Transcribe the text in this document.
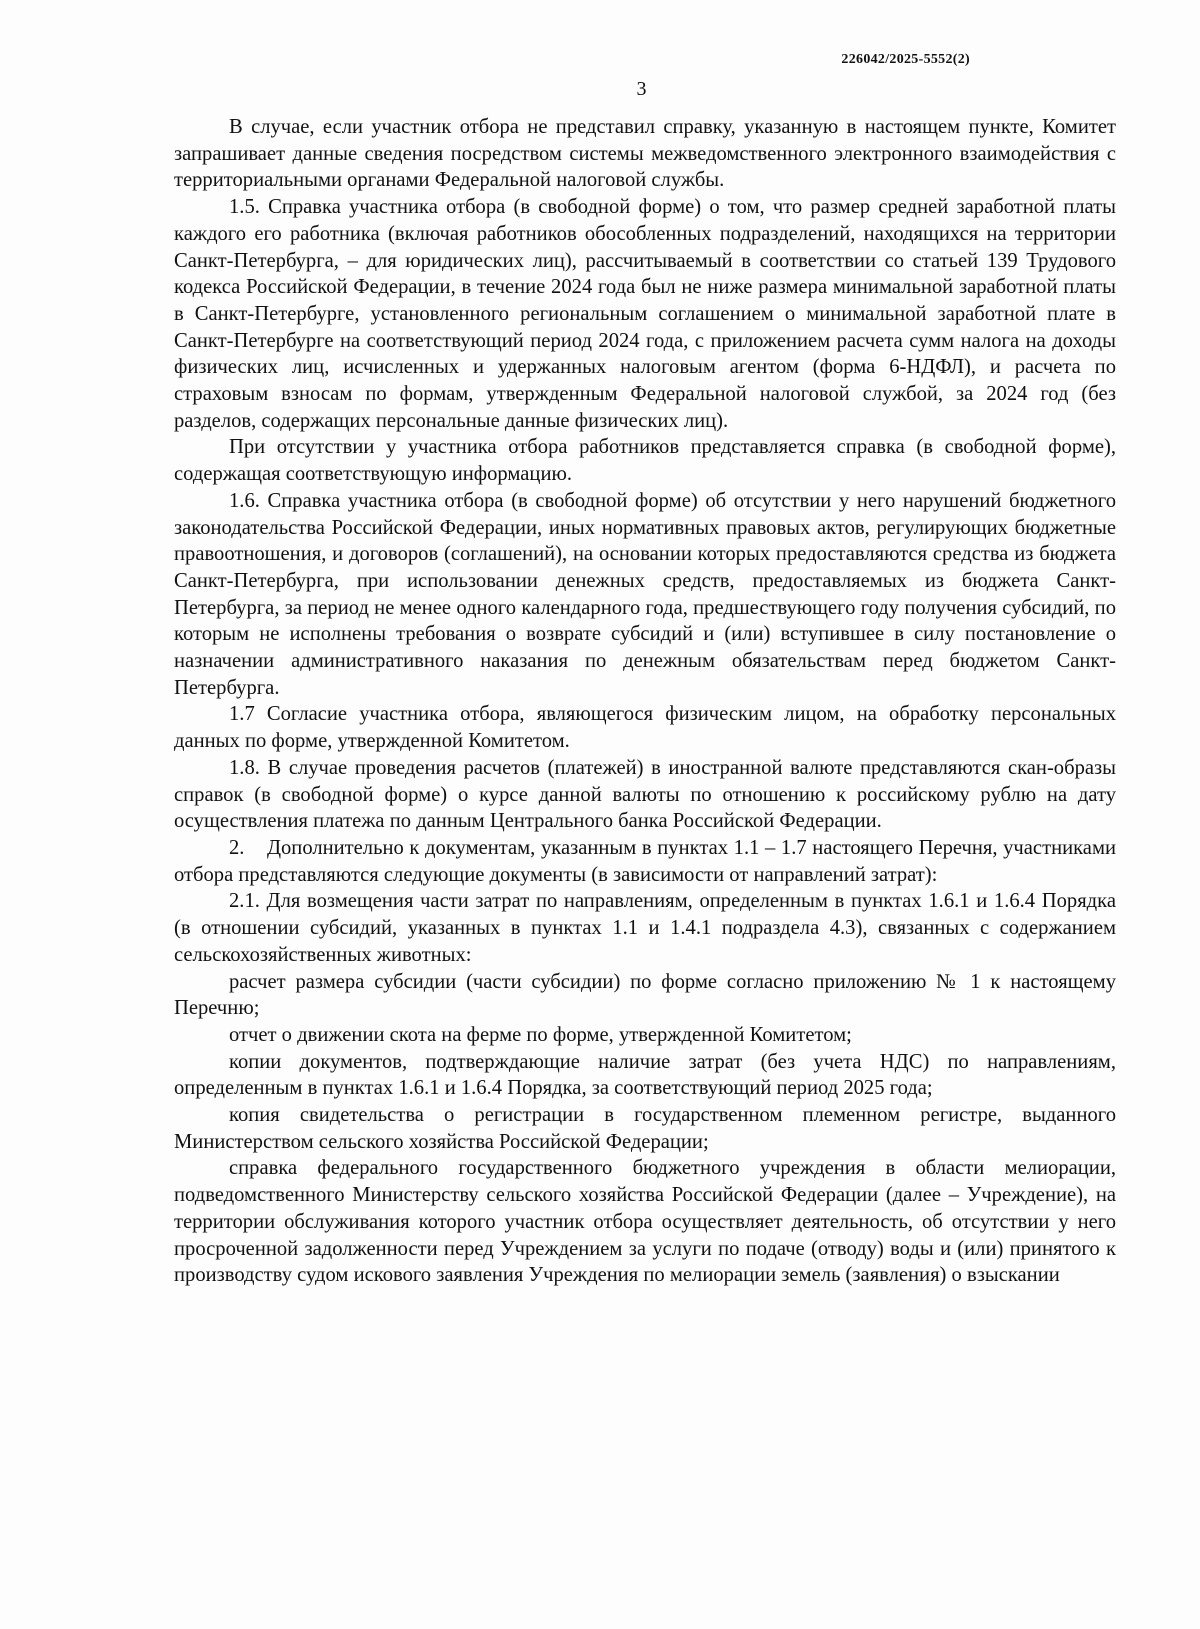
226042/2025-5552(2)
3

В случае, если участник отбора не представил справку, указанную в настоящем пункте, Комитет запрашивает данные сведения посредством системы межведомственного электронного взаимодействия с территориальными органами Федеральной налоговой службы.

1.5. Справка участника отбора (в свободной форме) о том, что размер средней заработной платы каждого его работника (включая работников обособленных подразделений, находящихся на территории Санкт-Петербурга, – для юридических лиц), рассчитываемый в соответствии со статьей 139 Трудового кодекса Российской Федерации, в течение 2024 года был не ниже размера минимальной заработной платы в Санкт-Петербурге, установленного региональным соглашением о минимальной заработной плате в Санкт-Петербурге на соответствующий период 2024 года, с приложением расчета сумм налога на доходы физических лиц, исчисленных и удержанных налоговым агентом (форма 6-НДФЛ), и расчета по страховым взносам по формам, утвержденным Федеральной налоговой службой, за 2024 год (без разделов, содержащих персональные данные физических лиц).

При отсутствии у участника отбора работников представляется справка (в свободной форме), содержащая соответствующую информацию.

1.6. Справка участника отбора (в свободной форме) об отсутствии у него нарушений бюджетного законодательства Российской Федерации, иных нормативных правовых актов, регулирующих бюджетные правоотношения, и договоров (соглашений), на основании которых предоставляются средства из бюджета Санкт-Петербурга, при использовании денежных средств, предоставляемых из бюджета Санкт-Петербурга, за период не менее одного календарного года, предшествующего году получения субсидий, по которым не исполнены требования о возврате субсидий и (или) вступившее в силу постановление о назначении административного наказания по денежным обязательствам перед бюджетом Санкт-Петербурга.

1.7 Согласие участника отбора, являющегося физическим лицом, на обработку персональных данных по форме, утвержденной Комитетом.

1.8. В случае проведения расчетов (платежей) в иностранной валюте представляются скан-образы справок (в свободной форме) о курсе данной валюты по отношению к российскому рублю на дату осуществления платежа по данным Центрального банка Российской Федерации.

2.    Дополнительно к документам, указанным в пунктах 1.1 – 1.7 настоящего Перечня, участниками отбора представляются следующие документы (в зависимости от направлений затрат):

2.1. Для возмещения части затрат по направлениям, определенным в пунктах 1.6.1 и 1.6.4 Порядка (в отношении субсидий, указанных в пунктах 1.1 и 1.4.1 подраздела 4.3), связанных с содержанием сельскохозяйственных животных:

расчет размера субсидии (части субсидии) по форме согласно приложению № 1 к настоящему Перечню;

отчет о движении скота на ферме по форме, утвержденной Комитетом;

копии документов, подтверждающие наличие затрат (без учета НДС) по направлениям, определенным в пунктах 1.6.1 и 1.6.4 Порядка, за соответствующий период 2025 года;

копия свидетельства о регистрации в государственном племенном регистре, выданного Министерством сельского хозяйства Российской Федерации;

справка федерального государственного бюджетного учреждения в области мелиорации, подведомственного Министерству сельского хозяйства Российской Федерации (далее – Учреждение), на территории обслуживания которого участник отбора осуществляет деятельность, об отсутствии у него просроченной задолженности перед Учреждением за услуги по подаче (отводу) воды и (или) принятого к производству судом искового заявления Учреждения по мелиорации земель (заявления) о взыскании
